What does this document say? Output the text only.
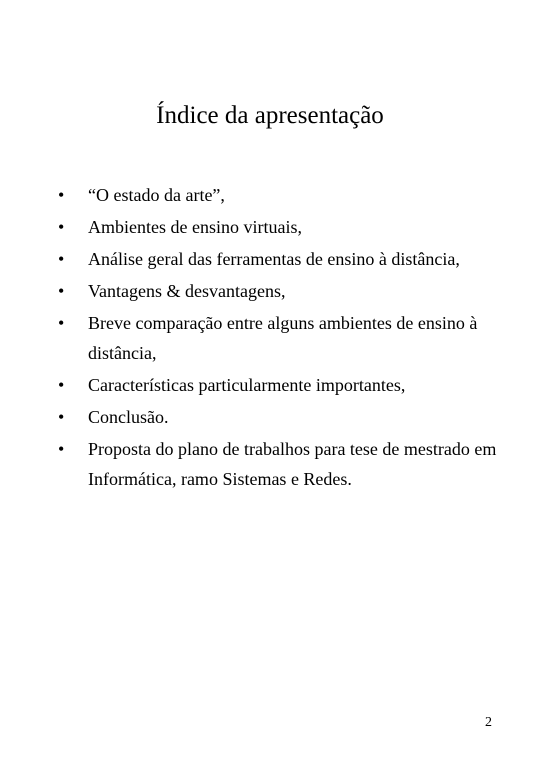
Índice da apresentação
•	“O estado da arte”,
•	Ambientes de ensino virtuais,
•	Análise geral das ferramentas de ensino à distância,
•	Vantagens & desvantagens,
•	Breve comparação entre alguns ambientes de ensino à distância,
•	Características particularmente importantes,
•	Conclusão.
•	Proposta do plano de trabalhos para tese de mestrado em Informática, ramo Sistemas e Redes.
2
